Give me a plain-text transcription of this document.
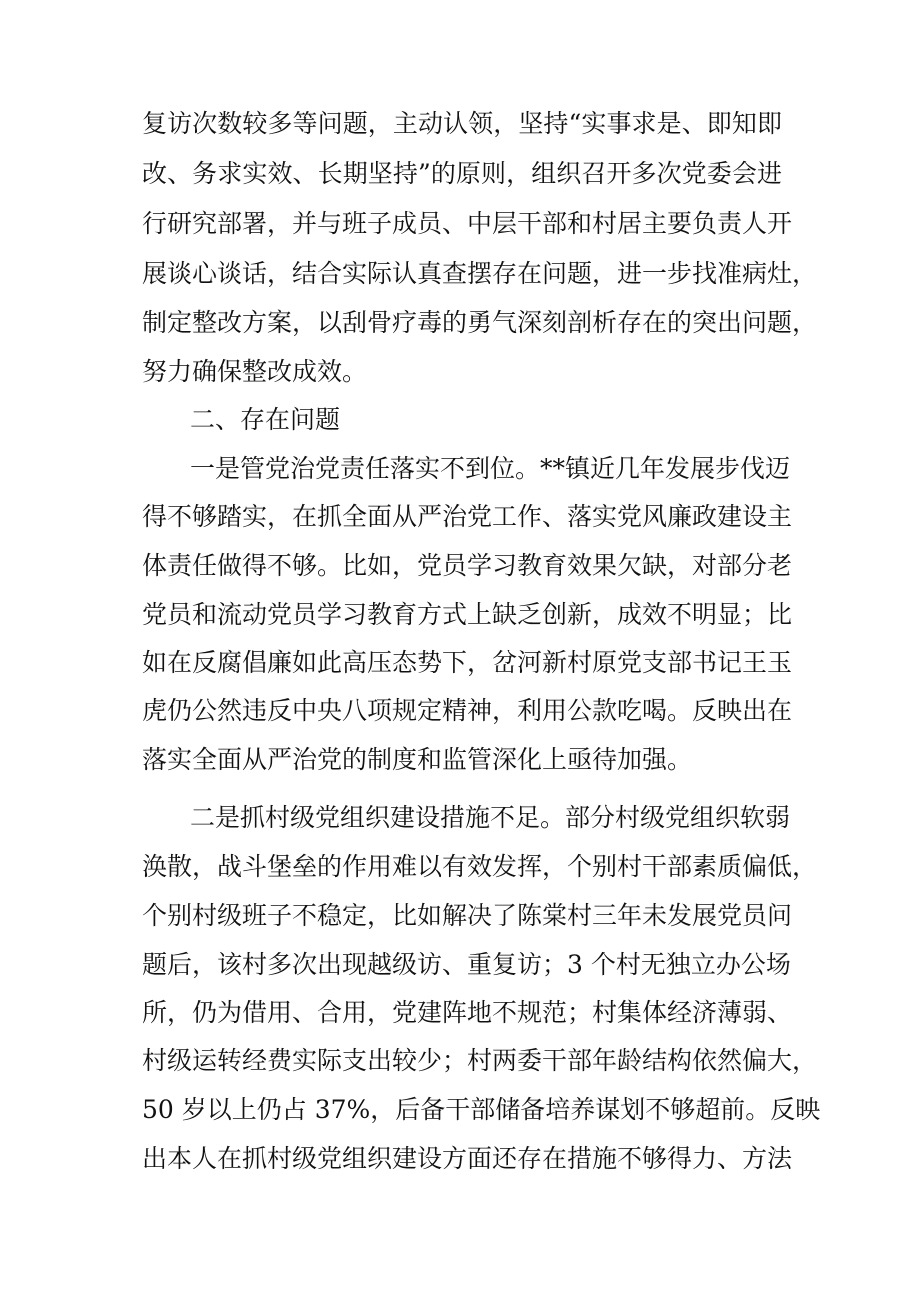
复访次数较多等问题，主动认领，坚持“实事求是、即知即
改、务求实效、长期坚持”的原则，组织召开多次党委会进
行研究部署，并与班子成员、中层干部和村居主要负责人开
展谈心谈话，结合实际认真查摆存在问题，进一步找准病灶，
制定整改方案，以刮骨疗毒的勇气深刻剖析存在的突出问题，
努力确保整改成效。
二、存在问题
一是管党治党责任落实不到位。**镇近几年发展步伐迈
得不够踏实，在抓全面从严治党工作、落实党风廉政建设主
体责任做得不够。比如，党员学习教育效果欠缺，对部分老
党员和流动党员学习教育方式上缺乏创新，成效不明显；比
如在反腐倡廉如此高压态势下，岔河新村原党支部书记王玉
虎仍公然违反中央八项规定精神，利用公款吃喝。反映出在
落实全面从严治党的制度和监管深化上亟待加强。
二是抓村级党组织建设措施不足。部分村级党组织软弱
涣散，战斗堡垒的作用难以有效发挥，个别村干部素质偏低，
个别村级班子不稳定，比如解决了陈棠村三年未发展党员问
题后，该村多次出现越级访、重复访；3 个村无独立办公场
所，仍为借用、合用，党建阵地不规范；村集体经济薄弱、
村级运转经费实际支出较少；村两委干部年龄结构依然偏大，
50 岁以上仍占 37%，后备干部储备培养谋划不够超前。反映
出本人在抓村级党组织建设方面还存在措施不够得力、方法
